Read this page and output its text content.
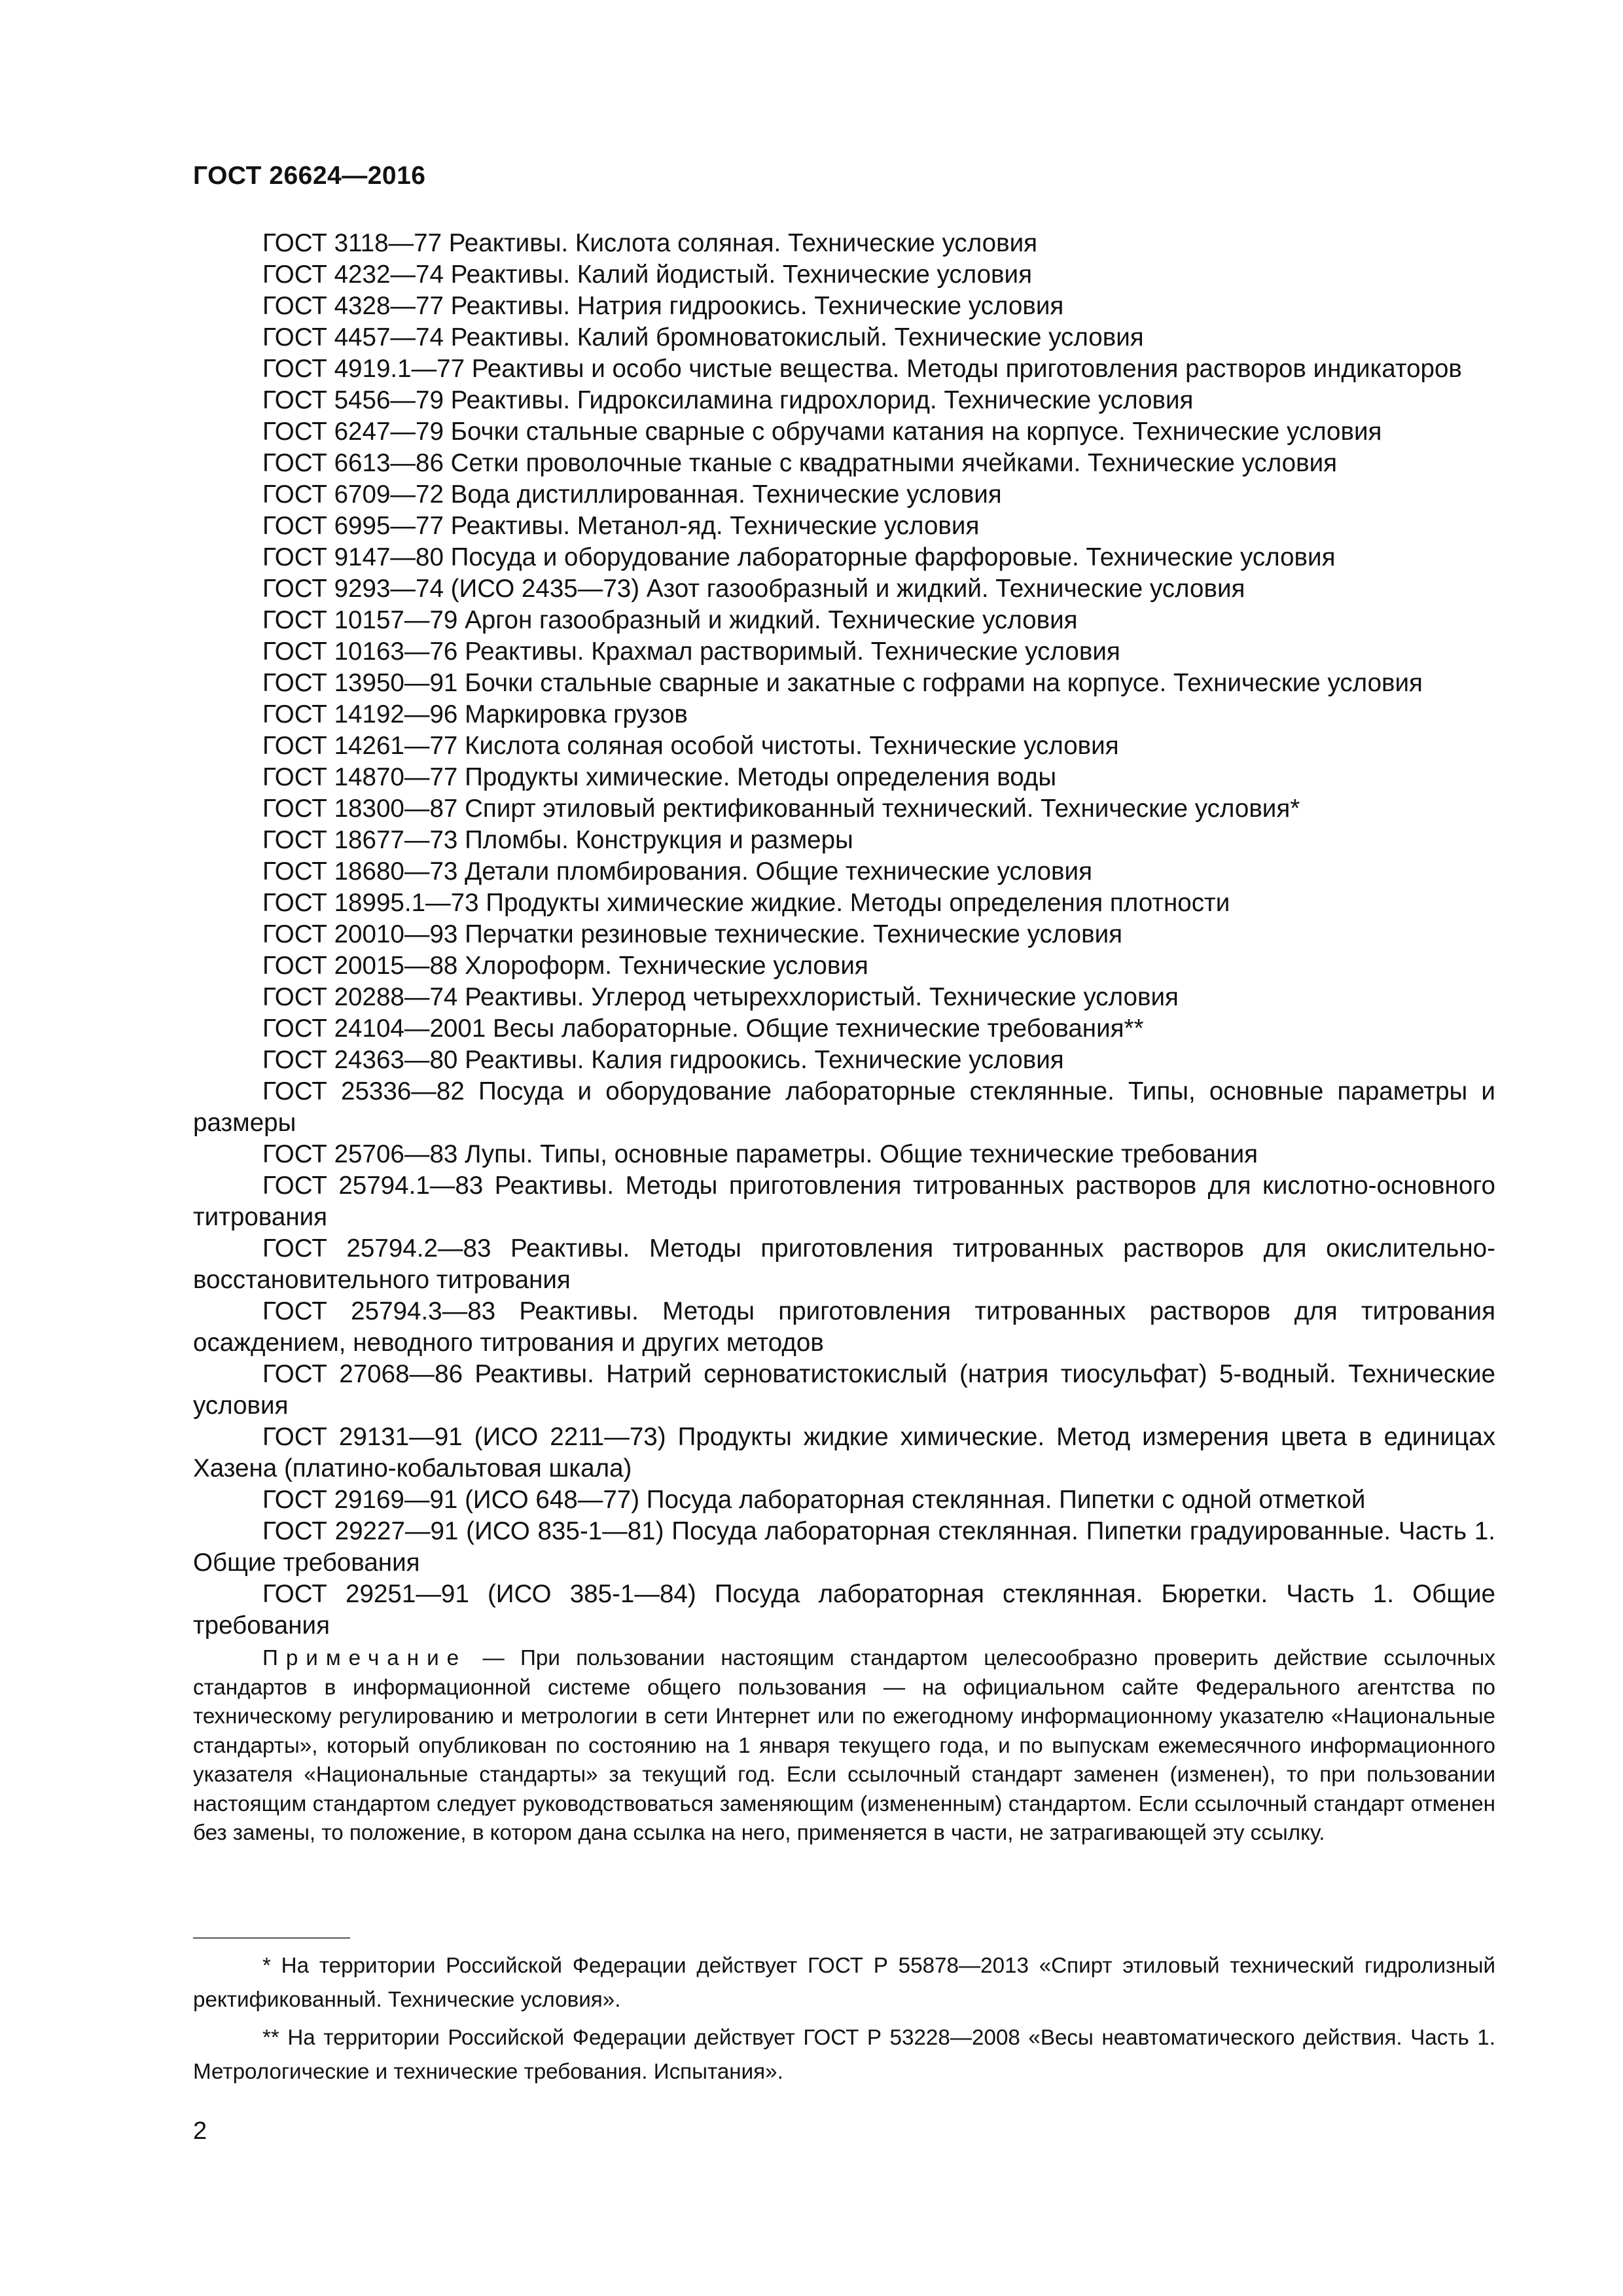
ГОСТ 26624—2016

ГОСТ 3118—77 Реактивы. Кислота соляная. Технические условия

ГОСТ 4232—74 Реактивы. Калий йодистый. Технические условия

ГОСТ 4328—77 Реактивы. Натрия гидроокись. Технические условия

ГОСТ 4457—74 Реактивы. Калий бромноватокислый. Технические условия

ГОСТ 4919.1—77 Реактивы и особо чистые вещества. Методы приготовления растворов индикаторов

ГОСТ 5456—79 Реактивы. Гидроксиламина гидрохлорид. Технические условия

ГОСТ 6247—79 Бочки стальные сварные с обручами катания на корпусе. Технические условия

ГОСТ 6613—86 Сетки проволочные тканые с квадратными ячейками. Технические условия

ГОСТ 6709—72 Вода дистиллированная. Технические условия

ГОСТ 6995—77 Реактивы. Метанол-яд. Технические условия

ГОСТ 9147—80 Посуда и оборудование лабораторные фарфоровые. Технические условия

ГОСТ 9293—74 (ИСО 2435—73) Азот газообразный и жидкий. Технические условия

ГОСТ 10157—79 Аргон газообразный и жидкий. Технические условия

ГОСТ 10163—76 Реактивы. Крахмал растворимый. Технические условия

ГОСТ 13950—91 Бочки стальные сварные и закатные с гофрами на корпусе. Технические условия

ГОСТ 14192—96 Маркировка грузов

ГОСТ 14261—77 Кислота соляная особой чистоты. Технические условия

ГОСТ 14870—77 Продукты химические. Методы определения воды

ГОСТ 18300—87 Спирт этиловый ректификованный технический. Технические условия*

ГОСТ 18677—73 Пломбы. Конструкция и размеры

ГОСТ 18680—73 Детали пломбирования. Общие технические условия

ГОСТ 18995.1—73 Продукты химические жидкие. Методы определения плотности

ГОСТ 20010—93 Перчатки резиновые технические. Технические условия

ГОСТ 20015—88 Хлороформ. Технические условия

ГОСТ 20288—74 Реактивы. Углерод четыреххлористый. Технические условия

ГОСТ 24104—2001 Весы лабораторные. Общие технические требования**

ГОСТ 24363—80 Реактивы. Калия гидроокись. Технические условия

ГОСТ 25336—82 Посуда и оборудование лабораторные стеклянные. Типы, основные параметры и размеры

ГОСТ 25706—83 Лупы. Типы, основные параметры. Общие технические требования

ГОСТ 25794.1—83 Реактивы. Методы приготовления титрованных растворов для кислотно-основного титрования

ГОСТ 25794.2—83 Реактивы. Методы приготовления титрованных растворов для окислительно-восстановительного титрования

ГОСТ 25794.3—83 Реактивы. Методы приготовления титрованных растворов для титрования осаждением, неводного титрования и других методов

ГОСТ 27068—86 Реактивы. Натрий серноватистокислый (натрия тиосульфат) 5-водный. Технические условия

ГОСТ 29131—91 (ИСО 2211—73) Продукты жидкие химические. Метод измерения цвета в единицах Хазена (платино-кобальтовая шкала)

ГОСТ 29169—91 (ИСО 648—77) Посуда лабораторная стеклянная. Пипетки с одной отметкой

ГОСТ 29227—91 (ИСО 835-1—81) Посуда лабораторная стеклянная. Пипетки градуированные. Часть 1. Общие требования

ГОСТ 29251—91 (ИСО 385-1—84) Посуда лабораторная стеклянная. Бюретки. Часть 1. Общие требования

Примечание — При пользовании настоящим стандартом целесообразно проверить действие ссылочных стандартов в информационной системе общего пользования — на официальном сайте Федерального агентства по техническому регулированию и метрологии в сети Интернет или по ежегодному информационному указателю «Национальные стандарты», который опубликован по состоянию на 1 января текущего года, и по выпускам ежемесячного информационного указателя «Национальные стандарты» за текущий год. Если ссылочный стандарт заменен (изменен), то при пользовании настоящим стандартом следует руководствоваться заменяющим (измененным) стандартом. Если ссылочный стандарт отменен без замены, то положение, в котором дана ссылка на него, применяется в части, не затрагивающей эту ссылку.

* На территории Российской Федерации действует ГОСТ Р 55878—2013 «Спирт этиловый технический гидролизный ректификованный. Технические условия».

** На территории Российской Федерации действует ГОСТ Р 53228—2008 «Весы неавтоматического действия. Часть 1. Метрологические и технические требования. Испытания».

2
